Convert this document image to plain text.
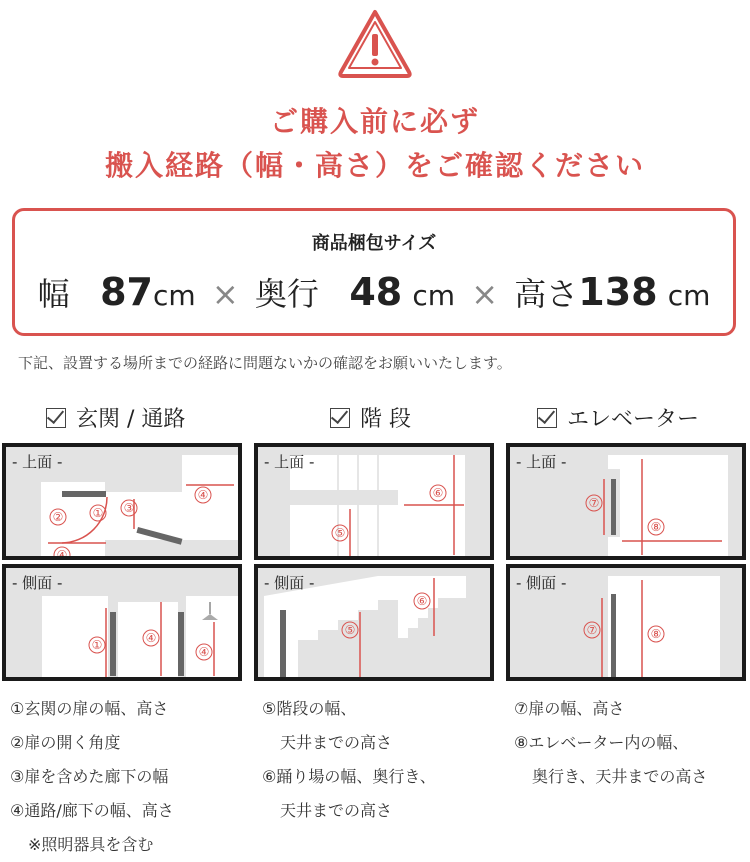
ご購入前に必ず
搬入経路（幅・高さ）をご確認ください
商品梱包サイズ
幅 87cm × 奥行 48 cm × 高さ138 cm
下記、設置する場所までの経路に問題ないかの確認をお願いいたします。
玄関 / 通路	階 段	エレベーター
①
②
③
④
④
- 上面 -
①	④
④
- 側面 -
⑤
⑥
- 上面 -
⑤
⑥
- 側面 -
⑦
⑧
- 上面 -
⑦	⑧
- 側面 -
①玄関の扉の幅、高さ
②扉の開く角度
③扉を含めた廊下の幅
④通路/廊下の幅、高さ
※照明器具を含む
⑤階段の幅、
天井までの高さ
⑥踊り場の幅、奥行き、
天井までの高さ
⑦扉の幅、高さ
⑧エレベーター内の幅、
奥行き、天井までの高さ
